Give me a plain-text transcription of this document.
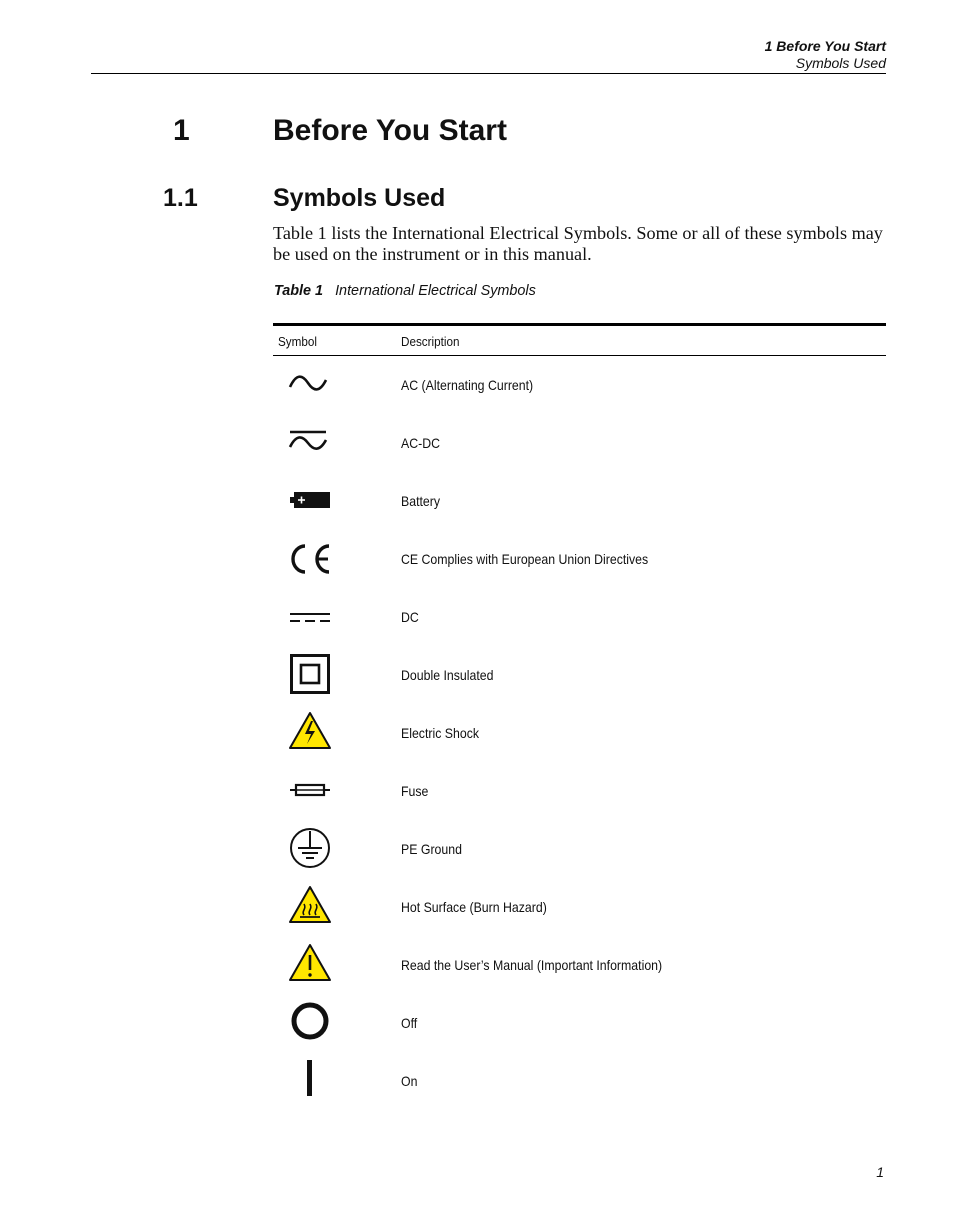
1 Before You Start
Symbols Used
1	Before You Start
1.1	Symbols Used
Table 1 lists the International Electrical Symbols. Some or all of these symbols may be used on the instrument or in this manual.
Table 1 International Electrical Symbols
Symbol	Description
AC (Alternating Current)
AC-DC
Battery
CE Complies with European Union Directives
DC
Double Insulated
Electric Shock
Fuse
PE Ground
Hot Surface (Burn Hazard)
Read the User’s Manual (Important Information)
Off
On
1
